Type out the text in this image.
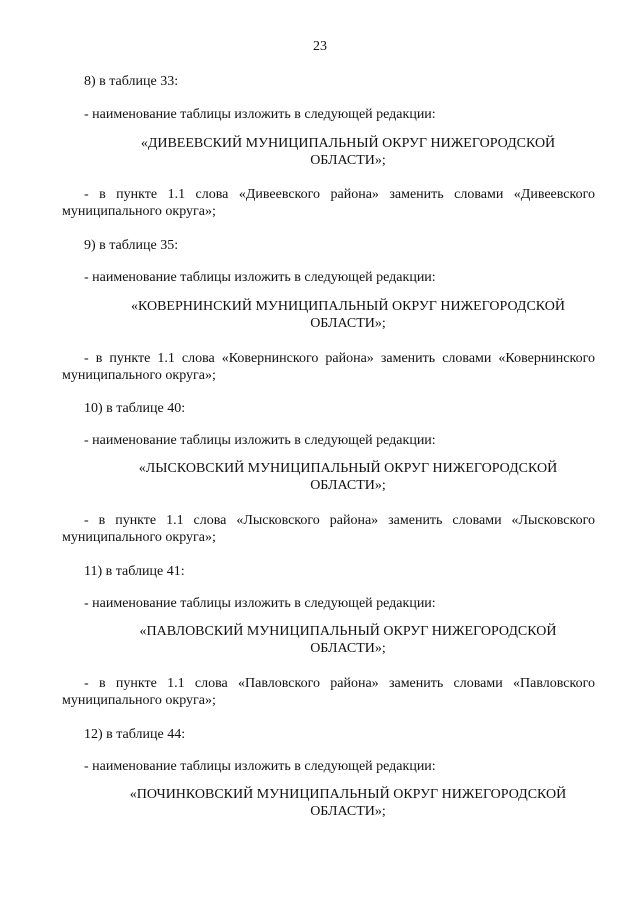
23

8) в таблице 33:

- наименование таблицы изложить в следующей редакции:

«ДИВЕЕВСКИЙ МУНИЦИПАЛЬНЫЙ ОКРУГ НИЖЕГОРОДСКОЙ ОБЛАСТИ»;

- в пункте 1.1 слова «Дивеевского района» заменить словами «Дивеевского муниципального округа»;

9) в таблице 35:

- наименование таблицы изложить в следующей редакции:

«КОВЕРНИНСКИЙ МУНИЦИПАЛЬНЫЙ ОКРУГ НИЖЕГОРОДСКОЙ ОБЛАСТИ»;

- в пункте 1.1 слова «Ковернинского района» заменить словами «Ковернинского муниципального округа»;

10) в таблице 40:

- наименование таблицы изложить в следующей редакции:

«ЛЫСКОВСКИЙ МУНИЦИПАЛЬНЫЙ ОКРУГ НИЖЕГОРОДСКОЙ ОБЛАСТИ»;

- в пункте 1.1 слова «Лысковского района» заменить словами «Лысковского муниципального округа»;

11) в таблице 41:

- наименование таблицы изложить в следующей редакции:

«ПАВЛОВСКИЙ МУНИЦИПАЛЬНЫЙ ОКРУГ НИЖЕГОРОДСКОЙ ОБЛАСТИ»;

- в пункте 1.1 слова «Павловского района» заменить словами «Павловского муниципального округа»;

12) в таблице 44:

- наименование таблицы изложить в следующей редакции:

«ПОЧИНКОВСКИЙ МУНИЦИПАЛЬНЫЙ ОКРУГ НИЖЕГОРОДСКОЙ ОБЛАСТИ»;
